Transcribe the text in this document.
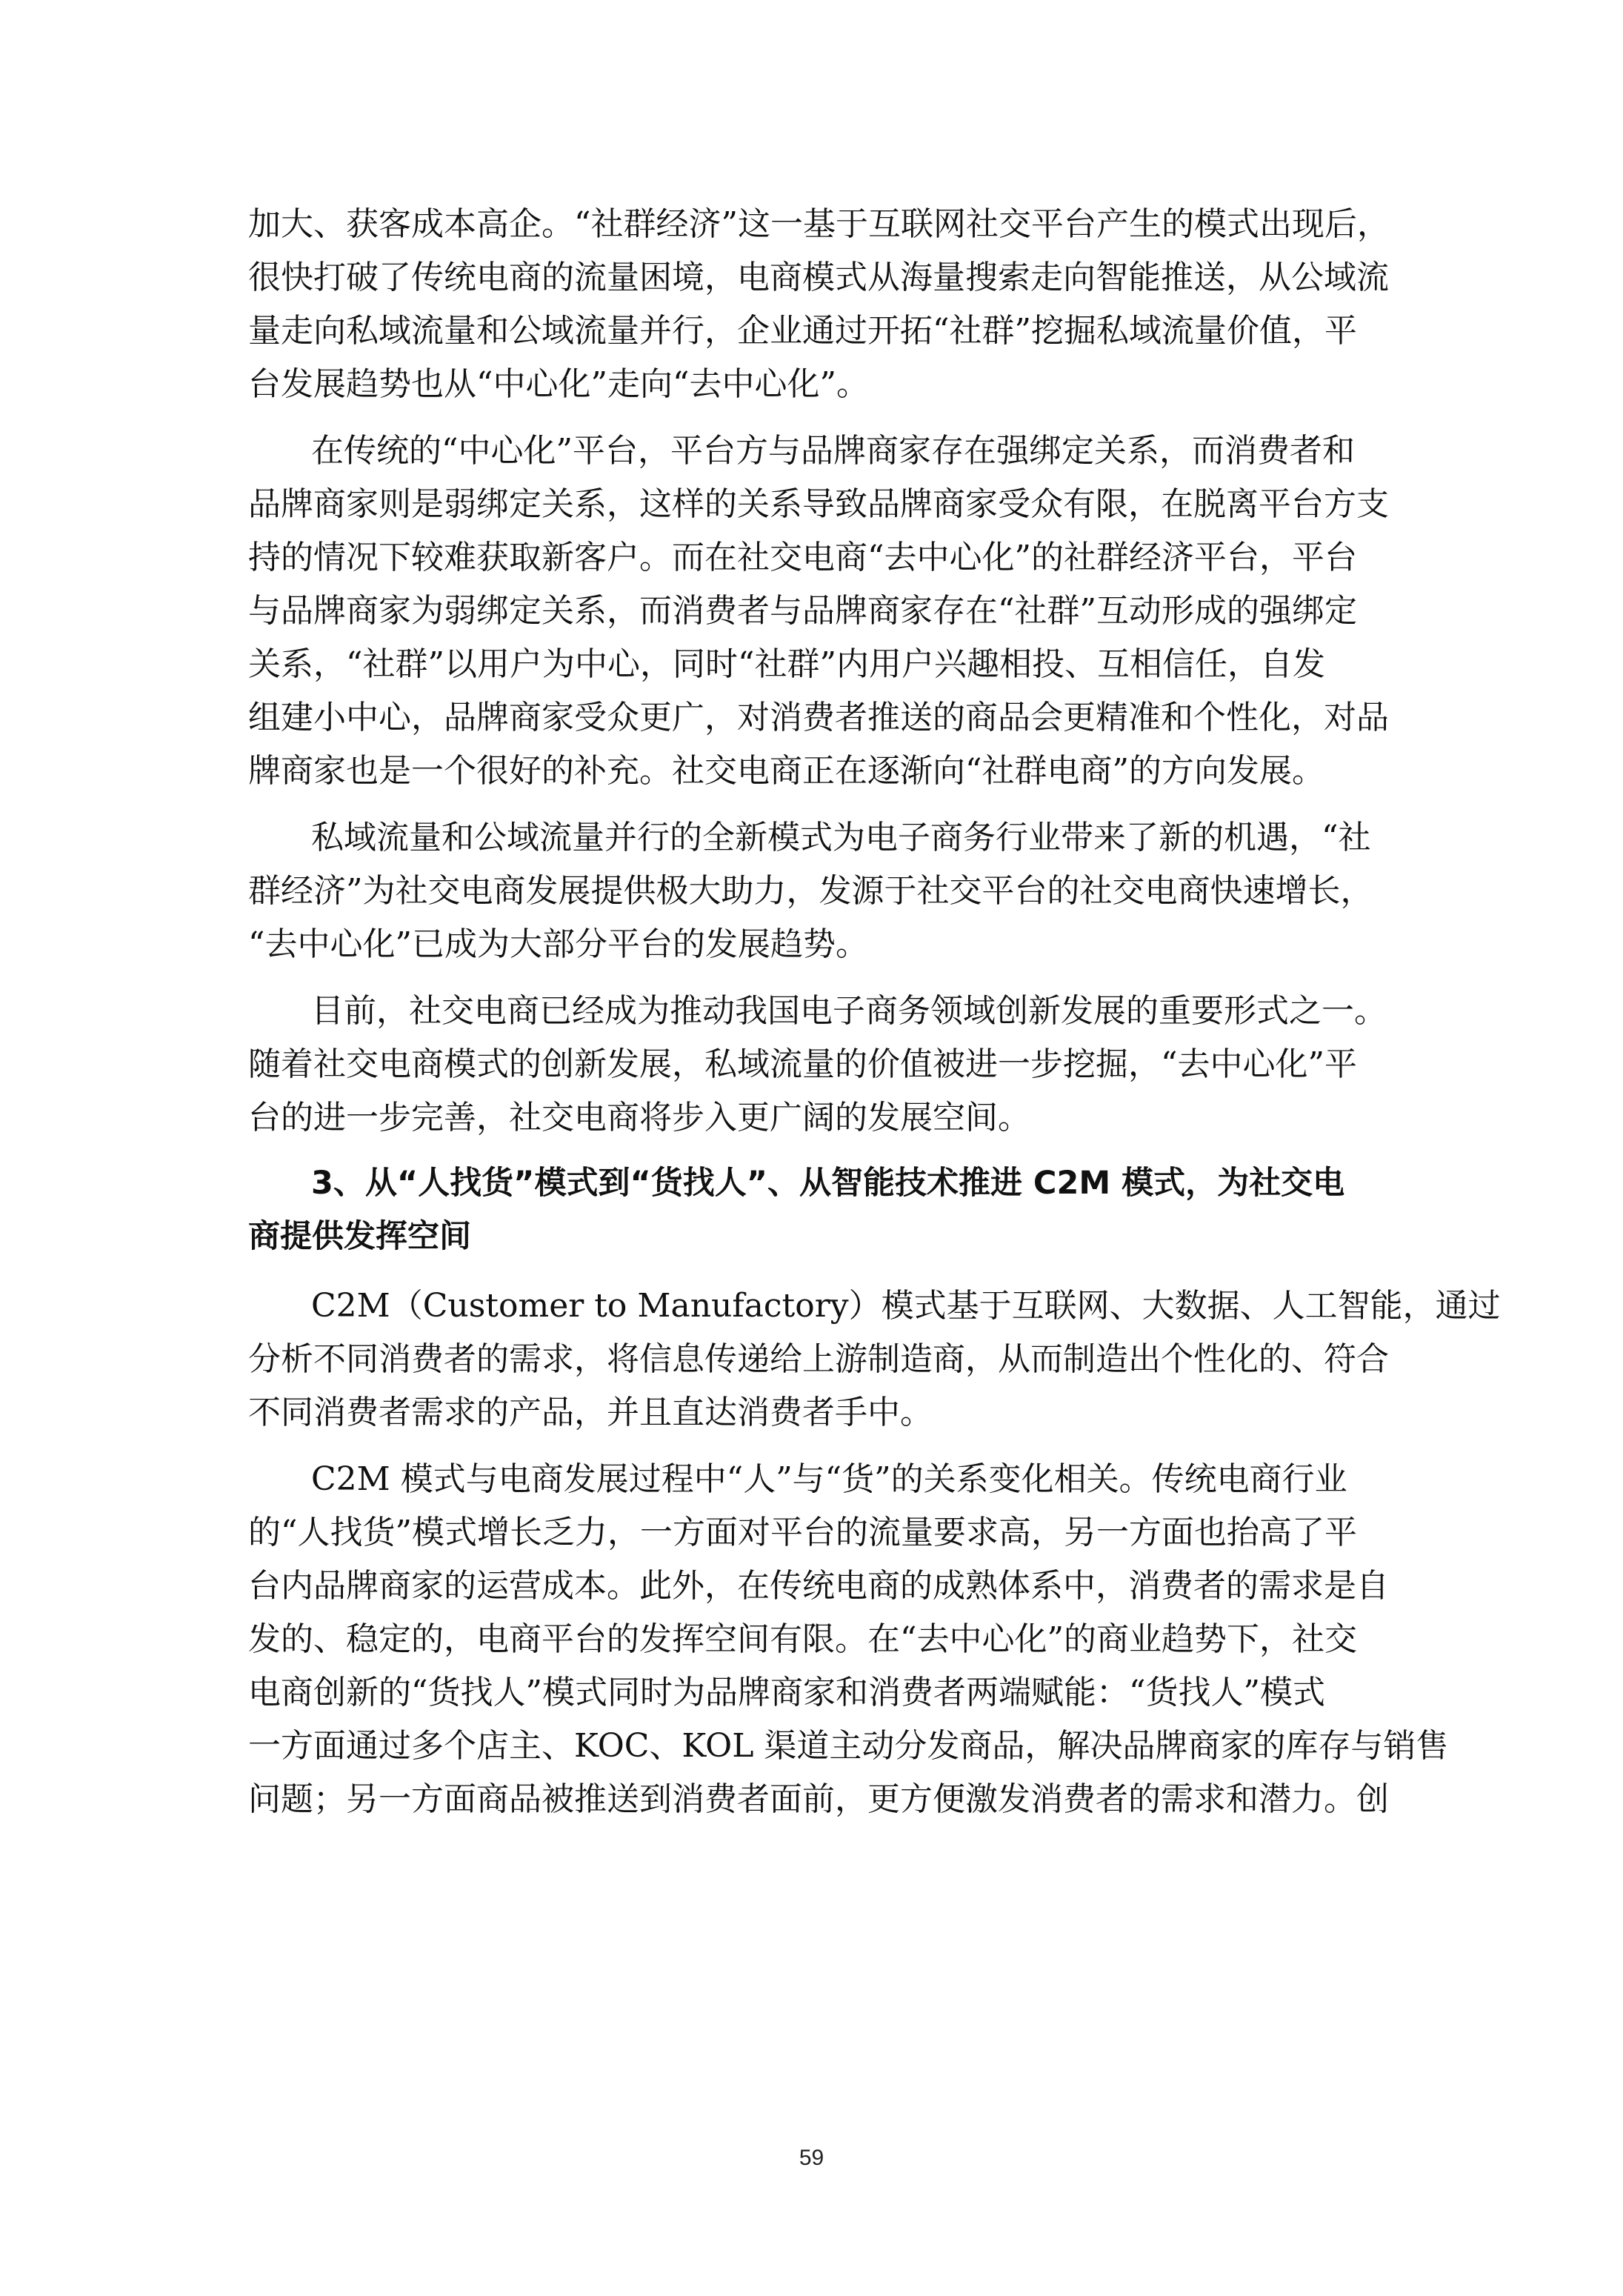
加大、获客成本高企。“社群经济”这一基于互联网社交平台产生的模式出现后，
很快打破了传统电商的流量困境，电商模式从海量搜索走向智能推送，从公域流
量走向私域流量和公域流量并行，企业通过开拓“社群”挖掘私域流量价值，平
台发展趋势也从“中心化”走向“去中心化”。
在传统的“中心化”平台，平台方与品牌商家存在强绑定关系，而消费者和
品牌商家则是弱绑定关系，这样的关系导致品牌商家受众有限，在脱离平台方支
持的情况下较难获取新客户。而在社交电商“去中心化”的社群经济平台，平台
与品牌商家为弱绑定关系，而消费者与品牌商家存在“社群”互动形成的强绑定
关系，“社群”以用户为中心，同时“社群”内用户兴趣相投、互相信任，自发
组建小中心，品牌商家受众更广，对消费者推送的商品会更精准和个性化，对品
牌商家也是一个很好的补充。社交电商正在逐渐向“社群电商”的方向发展。
私域流量和公域流量并行的全新模式为电子商务行业带来了新的机遇，“社
群经济”为社交电商发展提供极大助力，发源于社交平台的社交电商快速增长，
“去中心化”已成为大部分平台的发展趋势。
目前，社交电商已经成为推动我国电子商务领域创新发展的重要形式之一。
随着社交电商模式的创新发展，私域流量的价值被进一步挖掘，“去中心化”平
台的进一步完善，社交电商将步入更广阔的发展空间。
3、从“人找货”模式到“货找人”、从智能技术推进 C2M 模式，为社交电
商提供发挥空间
C2M（Customer to Manufactory）模式基于互联网、大数据、人工智能，通过
分析不同消费者的需求，将信息传递给上游制造商，从而制造出个性化的、符合
不同消费者需求的产品，并且直达消费者手中。
C2M 模式与电商发展过程中“人”与“货”的关系变化相关。传统电商行业
的“人找货”模式增长乏力，一方面对平台的流量要求高，另一方面也抬高了平
台内品牌商家的运营成本。此外，在传统电商的成熟体系中，消费者的需求是自
发的、稳定的，电商平台的发挥空间有限。在“去中心化”的商业趋势下，社交
电商创新的“货找人”模式同时为品牌商家和消费者两端赋能：“货找人”模式
一方面通过多个店主、KOC、KOL 渠道主动分发商品，解决品牌商家的库存与销售
问题；另一方面商品被推送到消费者面前，更方便激发消费者的需求和潜力。创
59
